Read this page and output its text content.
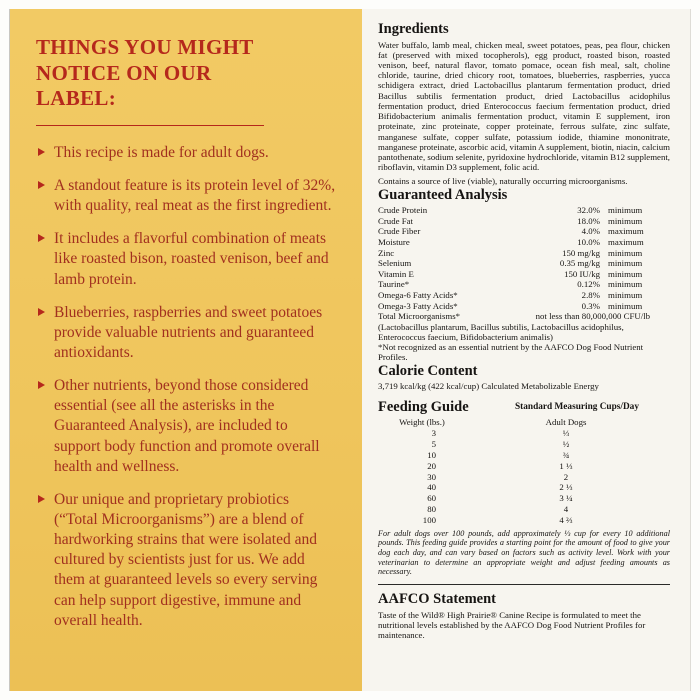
THINGS YOU MIGHT NOTICE ON OUR LABEL:
This recipe is made for adult dogs.
A standout feature is its protein level of 32%, with quality, real meat as the first ingredient.
It includes a flavorful combination of meats like roasted bison, roasted venison, beef and lamb protein.
Blueberries, raspberries and sweet potatoes provide valuable nutrients and guaranteed antioxidants.
Other nutrients, beyond those considered essential (see all the asterisks in the Guaranteed Analysis), are included to support body function and promote overall health and wellness.
Our unique and proprietary probiotics (“Total Microorganisms”) are a blend of hardworking strains that were isolated and cultured by scientists just for us. We add them at guaranteed levels so every serving can help support digestive, immune and overall health.
Ingredients

Water buffalo, lamb meal, chicken meal, sweet potatoes, peas, pea flour, chicken fat (preserved with mixed tocopherols), egg product, roasted bison, roasted venison, beef, natural flavor, tomato pomace, ocean fish meal, salt, choline chloride, taurine, dried chicory root, tomatoes, blueberries, raspberries, yucca schidigera extract, dried Lactobacillus plantarum fermentation product, dried Bacillus subtilis fermentation product, dried Lactobacillus acidophilus fermentation product, dried Enterococcus faecium fermentation product, dried Bifidobacterium animalis fermentation product, vitamin E supplement, iron proteinate, zinc proteinate, copper proteinate, ferrous sulfate, zinc sulfate, manganese sulfate, copper sulfate, potassium iodide, thiamine mononitrate, manganese proteinate, ascorbic acid, vitamin A supplement, biotin, niacin, calcium pantothenate, sodium selenite, pyridoxine hydrochloride, vitamin B12 supplement, riboflavin, vitamin D3 supplement, folic acid.

Contains a source of live (viable), naturally occurring microorganisms.

Guaranteed Analysis
Crude Protein	32.0% minimum
Crude Fat	18.0% minimum
Crude Fiber	4.0% maximum
Moisture	10.0% maximum
Zinc	150 mg/kg minimum
Selenium	0.35 mg/kg minimum
Vitamin E	150 IU/kg minimum
Taurine*	0.12% minimum
Omega-6 Fatty Acids*	2.8% minimum
Omega-3 Fatty Acids*	0.3% minimum
Total Microorganisms*	not less than 80,000,000 CFU/lb

(Lactobacillus plantarum, Bacillus subtilis, Lactobacillus acidophilus, Enterococcus faecium, Bifidobacterium animalis)

*Not recognized as an essential nutrient by the AAFCO Dog Food Nutrient Profiles.

Calorie Content

3,719 kcal/kg (422 kcal/cup) Calculated Metabolizable Energy

Feeding Guide	Standard Measuring Cups/Day
Weight (lbs.)	Adult Dogs
3	⅓
5	½
10	¾
20	1 ⅓
30	2
40	2 ⅓
60	3 ¼
80	4
100	4 ⅔

For adult dogs over 100 pounds, add approximately ⅓ cup for every 10 additional pounds. This feeding guide provides a starting point for the amount of food to give your dog each day, and can vary based on factors such as activity level. Work with your veterinarian to determine an appropriate weight and adjust feeding amounts as necessary.

AAFCO Statement

Taste of the Wild® High Prairie® Canine Recipe is formulated to meet the nutritional levels established by the AAFCO Dog Food Nutrient Profiles for maintenance.
